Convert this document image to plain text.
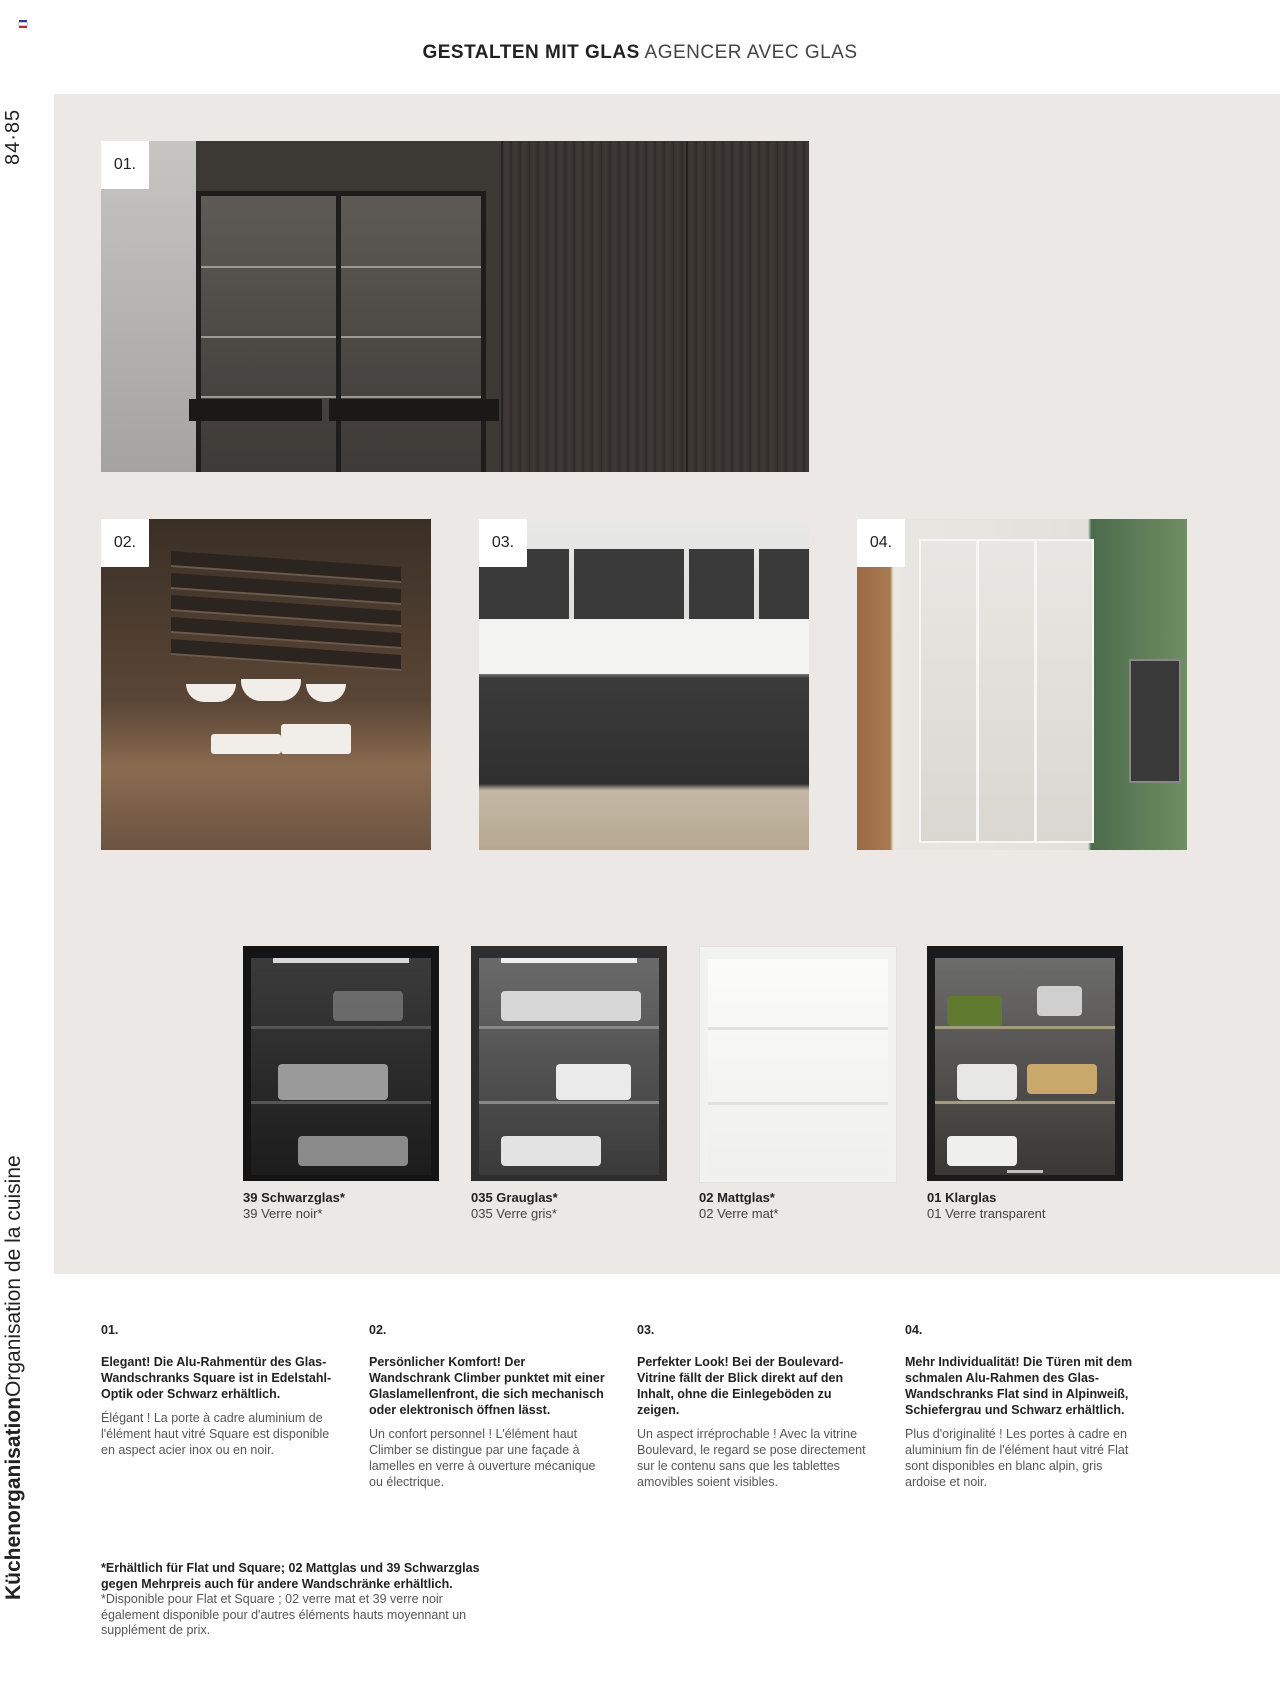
84·85
KüchenorganisationOrganisation de la cuisine
GESTALTEN MIT GLAS AGENCER AVEC GLAS
01.
02.	03.	04.
39 Schwarzglas*
39 Verre noir*
035 Grauglas*
035 Verre gris*
02 Mattglas*
02 Verre mat*
01 Klarglas
01 Verre transparent
01.
Elegant! Die Alu-Rahmentür des Glas-Wandschranks Square ist in Edelstahl-Optik oder Schwarz erhältlich.
Élégant ! La porte à cadre aluminium de l'élément haut vitré Square est disponible en aspect acier inox ou en noir.
02.
Persönlicher Komfort! Der Wandschrank Climber punktet mit einer Glaslamellenfront, die sich mechanisch oder elektronisch öffnen lässt.
Un confort personnel ! L'élément haut Climber se distingue par une façade à lamelles en verre à ouverture mécanique ou électrique.
03.
Perfekter Look! Bei der Boulevard-Vitrine fällt der Blick direkt auf den Inhalt, ohne die Einlegeböden zu zeigen.
Un aspect irréprochable ! Avec la vitrine Boulevard, le regard se pose directement sur le contenu sans que les tablettes amovibles soient visibles.
04.
Mehr Individualität! Die Türen mit dem schmalen Alu-Rahmen des Glas-Wandschranks Flat sind in Alpinweiß, Schiefergrau und Schwarz erhältlich.
Plus d'originalité ! Les portes à cadre en aluminium fin de l'élément haut vitré Flat sont disponibles en blanc alpin, gris ardoise et noir.
*Erhältlich für Flat und Square; 02 Mattglas und 39 Schwarzglas gegen Mehrpreis auch für andere Wandschränke erhältlich.
*Disponible pour Flat et Square ; 02 verre mat et 39 verre noir également disponible pour d'autres éléments hauts moyennant un supplément de prix.
